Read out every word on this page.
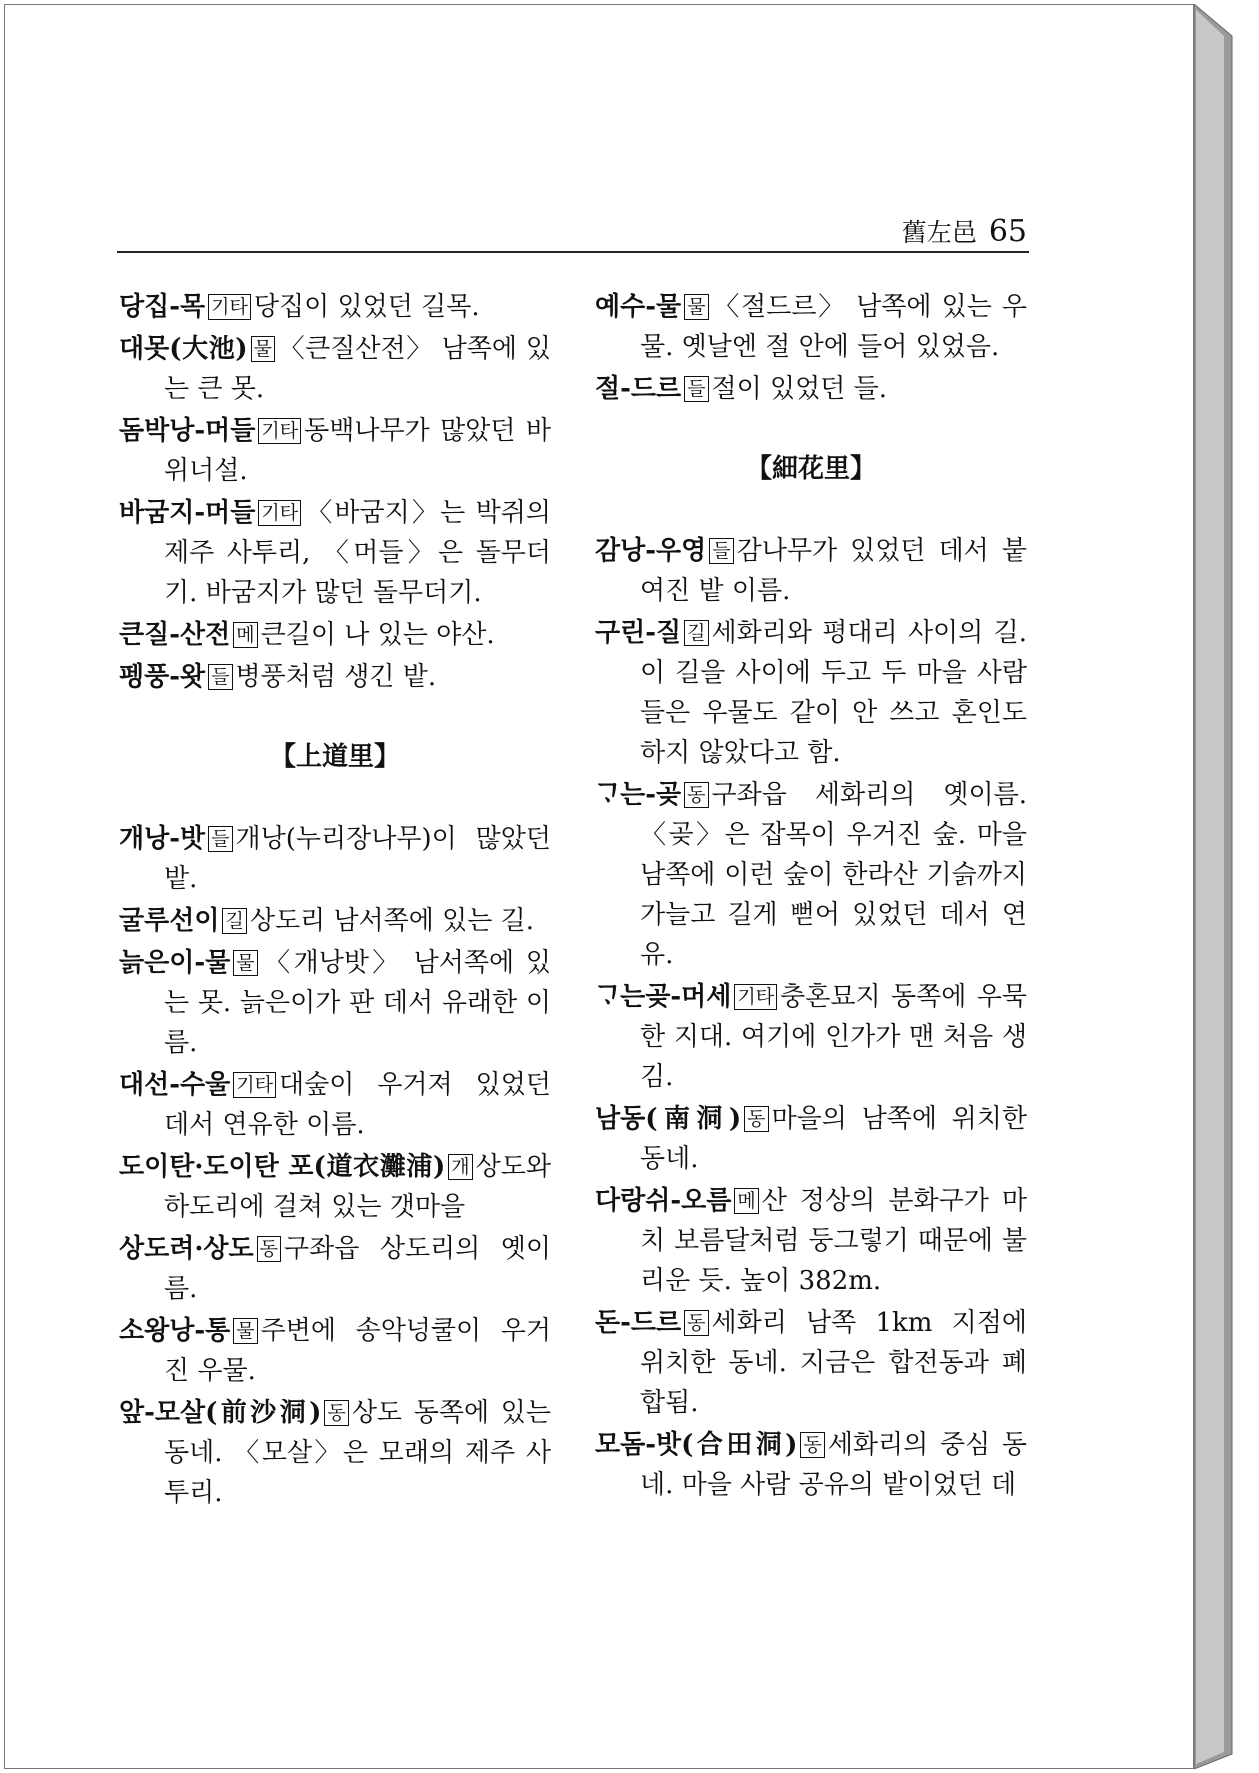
舊左邑 65
당집-목 기타 당집이 있었던 길목.
대못(大池) 물 〈큰질산전〉 남쪽에 있는 큰 못.
돔박낭-머들 기타 동백나무가 많았던 바위너설.
바굼지-머들 기타 〈바굼지〉는 박쥐의 제주 사투리, 〈머들〉은 돌무더기. 바굼지가 많던 돌무더기.
큰질-산전 메 큰길이 나 있는 야산.
펭풍-왓 들 병풍처럼 생긴 밭.
【上道里】
개낭-밧 들 개낭(누리장나무)이 많았던 밭.
굴루선이 길 상도리 남서쪽에 있는 길.
늙은이-물 물 〈개낭밧〉 남서쪽에 있는 못. 늙은이가 판 데서 유래한 이름.
대선-수울 기타 대숲이 우거져 있었던 데서 연유한 이름.
도이탄·도이탄 포(道衣灘浦) 개 상도와 하도리에 걸쳐 있는 갯마을
상도려·상도 동 구좌읍 상도리의 옛이름.
소왕낭-통 물 주변에 송악넝쿨이 우거진 우물.
앞-모살(前沙洞) 동 상도 동쪽에 있는 동네. 〈모살〉은 모래의 제주 사투리.
예수-물 물 〈절드르〉 남쪽에 있는 우물. 옛날엔 절 안에 들어 있었음.
절-드르 들 절이 있었던 들.
【細花里】
감낭-우영 들 감나무가 있었던 데서 붙여진 밭 이름.
구린-질 길 세화리와 평대리 사이의 길. 이 길을 사이에 두고 두 마을 사람들은 우물도 같이 안 쓰고 혼인도 하지 않았다고 함.
ᄀᆞ는-곶 동 구좌읍 세화리의 옛이름. 〈곶〉은 잡목이 우거진 숲. 마을 남쪽에 이런 숲이 한라산 기슭까지 가늘고 길게 뻗어 있었던 데서 연유.
ᄀᆞ는곶-머세 기타 충혼묘지 동쪽에 우묵한 지대. 여기에 인가가 맨 처음 생김.
남동(南洞) 동 마을의 남쪽에 위치한 동네.
다랑쉬-오름 메 산 정상의 분화구가 마치 보름달처럼 둥그렇기 때문에 불리운 듯. 높이 382m.
돈-드르 동 세화리 남쪽 1km 지점에 위치한 동네. 지금은 합전동과 폐합됨.
모돔-밧(合田洞) 동 세화리의 중심 동네. 마을 사람 공유의 밭이었던 데
